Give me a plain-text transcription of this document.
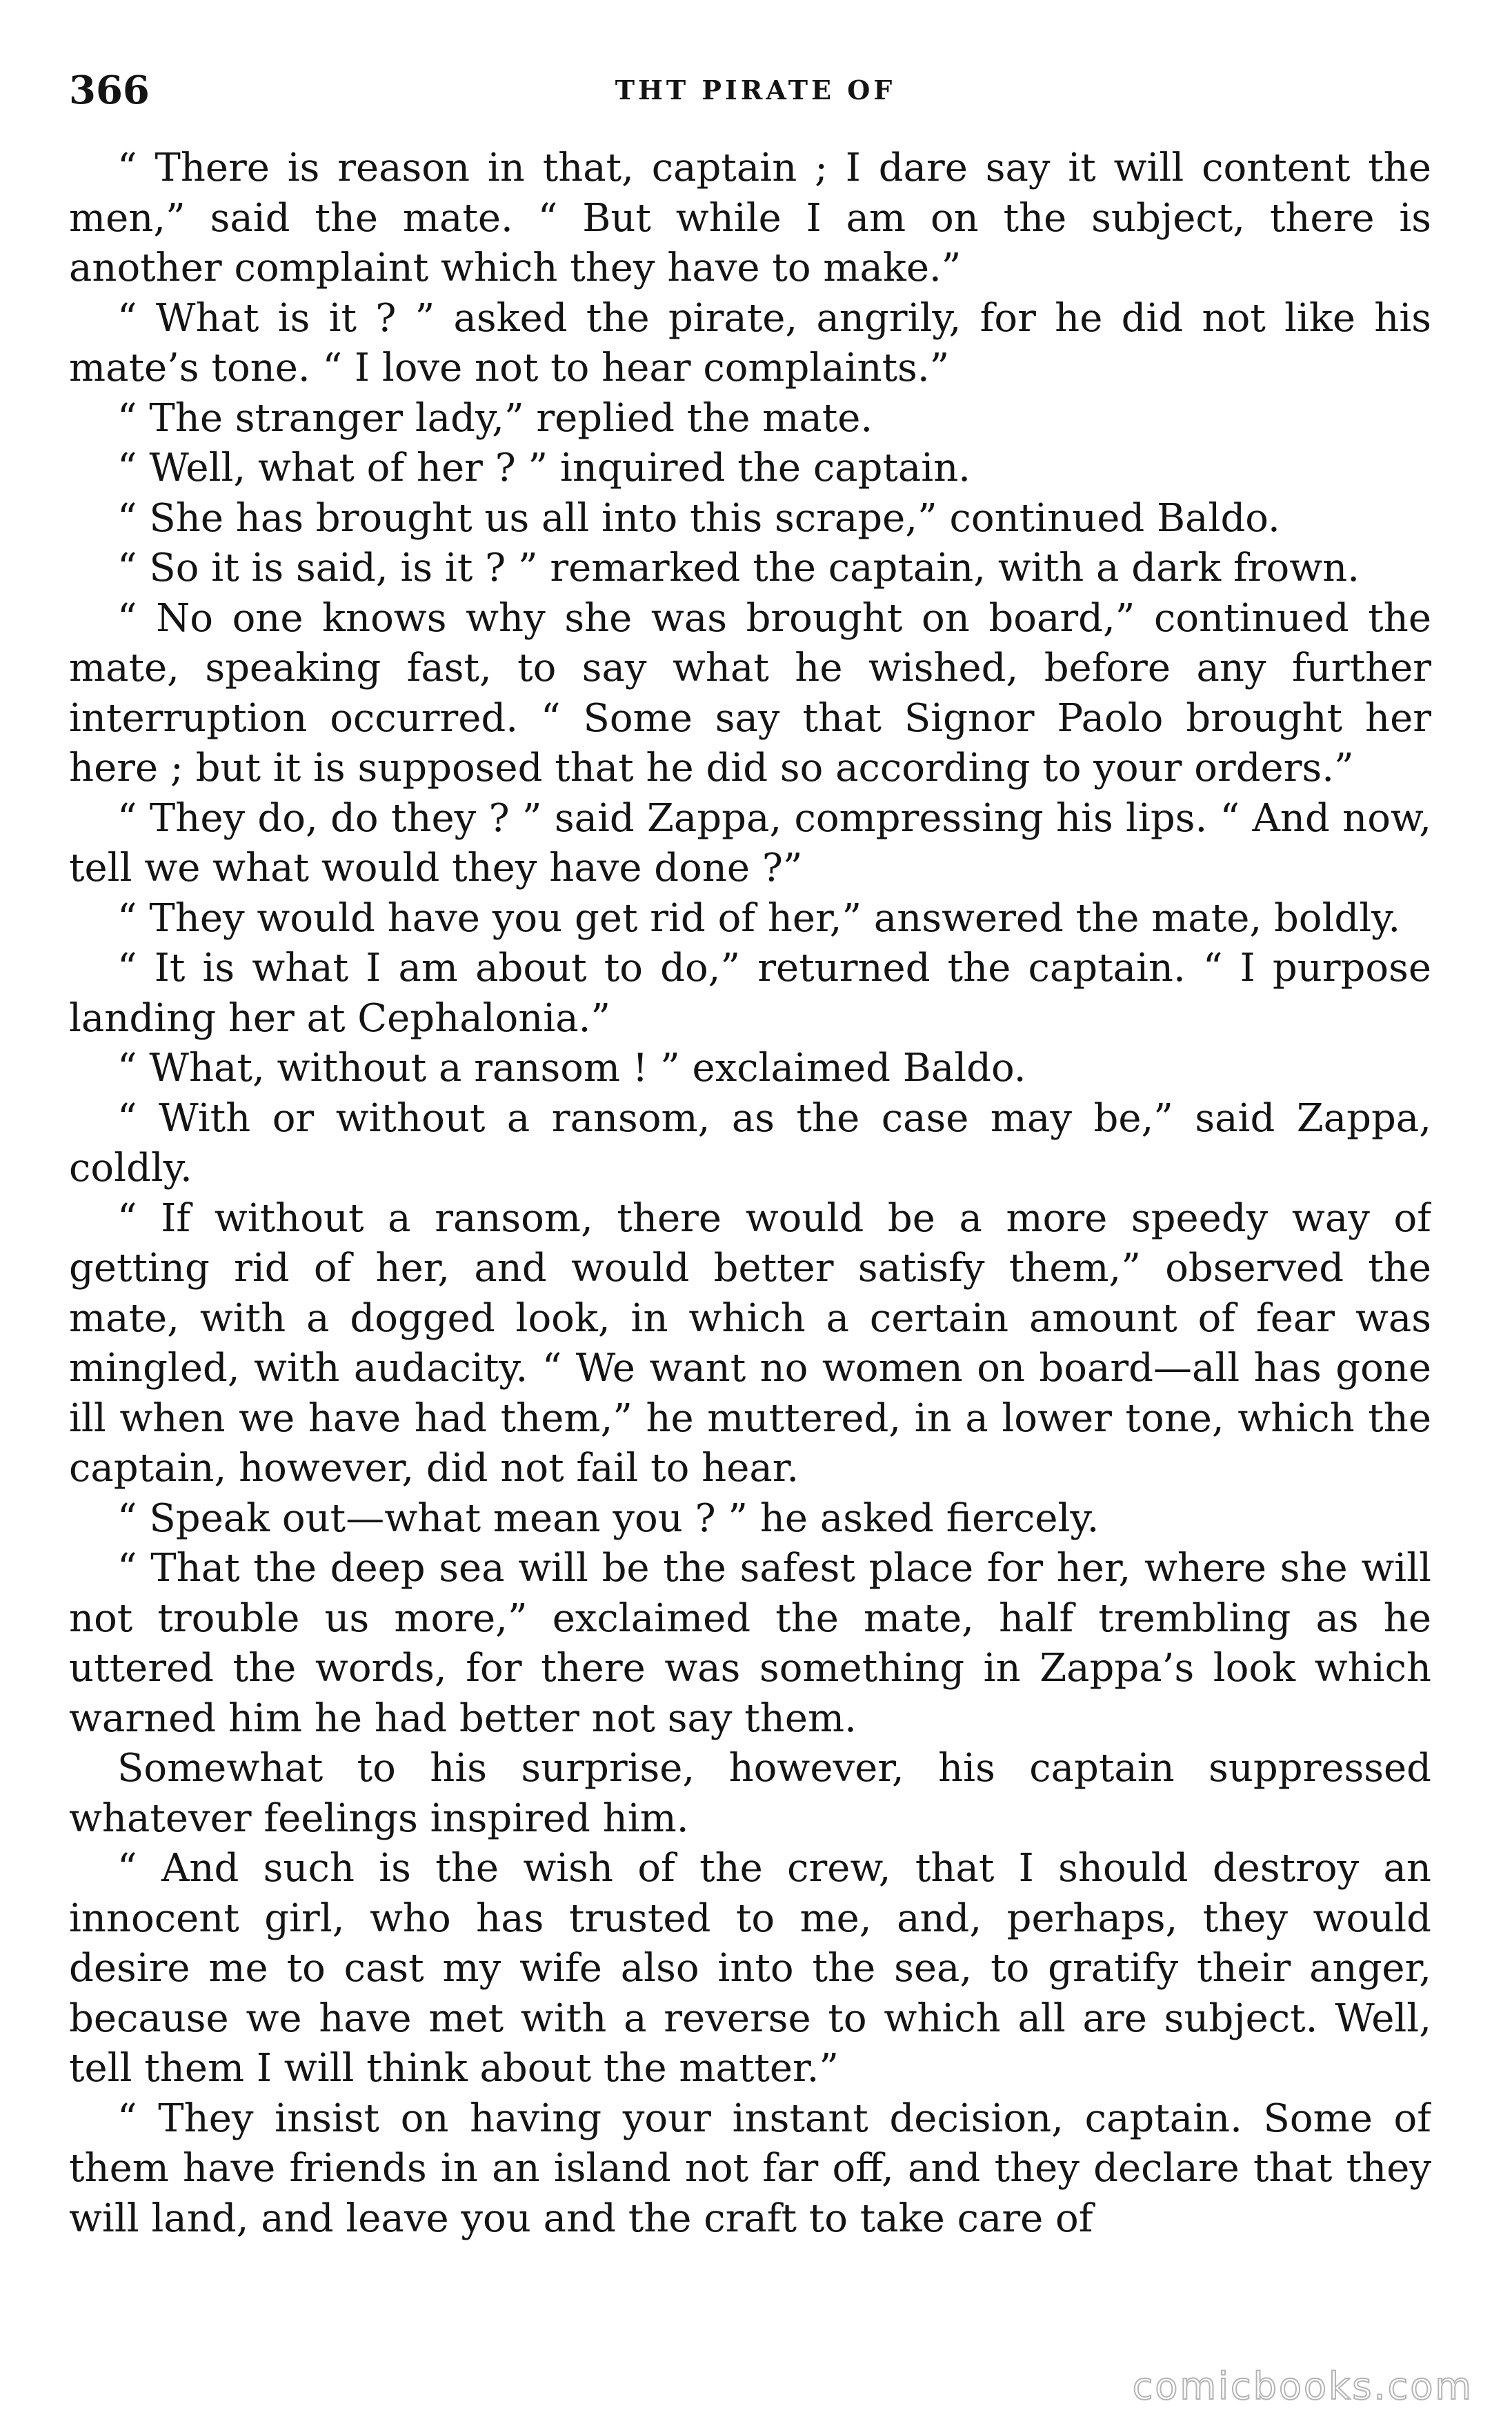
366	THT PIRATE OF

“ There is reason in that, captain ; I dare say it will content the men,” said the mate. “ But while I am on the subject, there is another complaint which they have to make.”

“ What is it ? ” asked the pirate, angrily, for he did not like his mate’s tone. “ I love not to hear complaints.”

“ The stranger lady,” replied the mate.

“ Well, what of her ? ” inquired the captain.

“ She has brought us all into this scrape,” continued Baldo.

“ So it is said, is it ? ” remarked the captain, with a dark frown.

“ No one knows why she was brought on board,” continued the mate, speaking fast, to say what he wished, before any further interruption occurred. “ Some say that Signor Paolo brought her here ; but it is supposed that he did so according to your orders.”

“ They do, do they ? ” said Zappa, compressing his lips. “ And now, tell we what would they have done ?”

“ They would have you get rid of her,” answered the mate, boldly.

“ It is what I am about to do,” returned the captain. “ I purpose landing her at Cephalonia.”

“ What, without a ransom ! ” exclaimed Baldo.

“ With or without a ransom, as the case may be,” said Zappa, coldly.

“ If without a ransom, there would be a more speedy way of getting rid of her, and would better satisfy them,” observed the mate, with a dogged look, in which a certain amount of fear was mingled, with audacity. “ We want no women on board—all has gone ill when we have had them,” he muttered, in a lower tone, which the captain, however, did not fail to hear.

“ Speak out—what mean you ? ” he asked fiercely.

“ That the deep sea will be the safest place for her, where she will not trouble us more,” exclaimed the mate, half trembling as he uttered the words, for there was something in Zappa’s look which warned him he had better not say them.

Somewhat to his surprise, however, his captain suppressed whatever feelings inspired him.

“ And such is the wish of the crew, that I should destroy an innocent girl, who has trusted to me, and, perhaps, they would desire me to cast my wife also into the sea, to gratify their anger, because we have met with a reverse to which all are subject. Well, tell them I will think about the matter.”

“ They insist on having your instant decision, captain. Some of them have friends in an island not far off, and they declare that they will land, and leave you and the craft to take care of

comicbooks.com
